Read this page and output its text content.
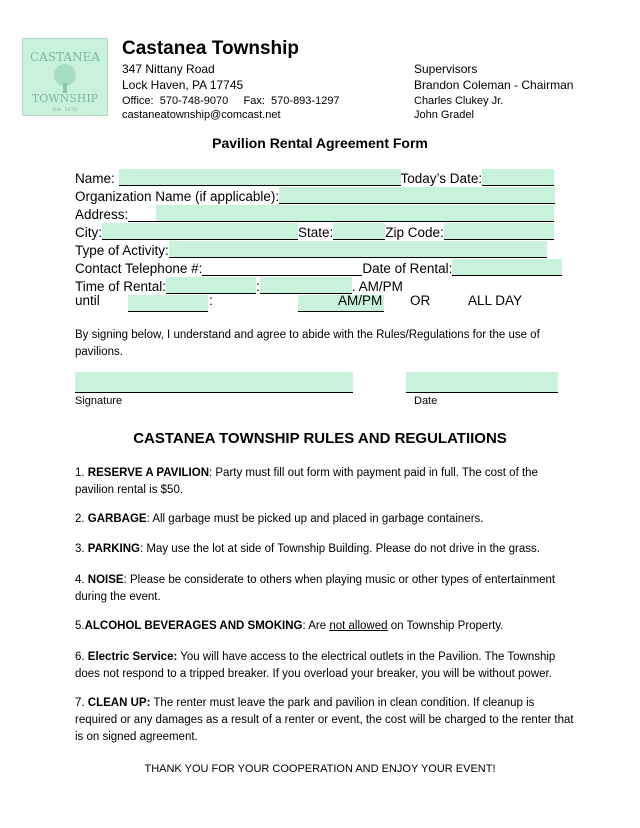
CASTANEA
TOWNSHIP
Est. 1870
Castanea Township
347 Nittany Road
Lock Haven, PA 17745
Office: 570-748-9070 Fax: 570-893-1297
castaneatownship@comcast.net
Supervisors
Brandon Coleman - Chairman
Charles Clukey Jr.
John Gradel
Pavilion Rental Agreement Form
Name:	Today’s Date:
Organization Name (if applicable):
Address:
City:	State:	Zip Code:
Type of Activity:
Contact Telephone #:	Date of Rental:
Time of Rental:	:	. AM/PM
until
	:	AM/PM OR	ALL DAY
By signing below, I understand and agree to abide with the Rules/Regulations for the use of pavilions.
Signature	Date
CASTANEA TOWNSHIP RULES AND REGULATIIONS
1. RESERVE A PAVILION: Party must fill out form with payment paid in full. The cost of the pavilion rental is $50.
2. GARBAGE: All garbage must be picked up and placed in garbage containers.
3. PARKING: May use the lot at side of Township Building. Please do not drive in the grass.
4. NOISE: Please be considerate to others when playing music or other types of entertainment during the event.
5.ALCOHOL BEVERAGES AND SMOKING: Are not allowed on Township Property.
6. Electric Service: You will have access to the electrical outlets in the Pavilion. The Township does not respond to a tripped breaker. If you overload your breaker, you will be without power.
7. CLEAN UP: The renter must leave the park and pavilion in clean condition. If cleanup is required or any damages as a result of a renter or event, the cost will be charged to the renter that is on signed agreement.
THANK YOU FOR YOUR COOPERATION AND ENJOY YOUR EVENT!
